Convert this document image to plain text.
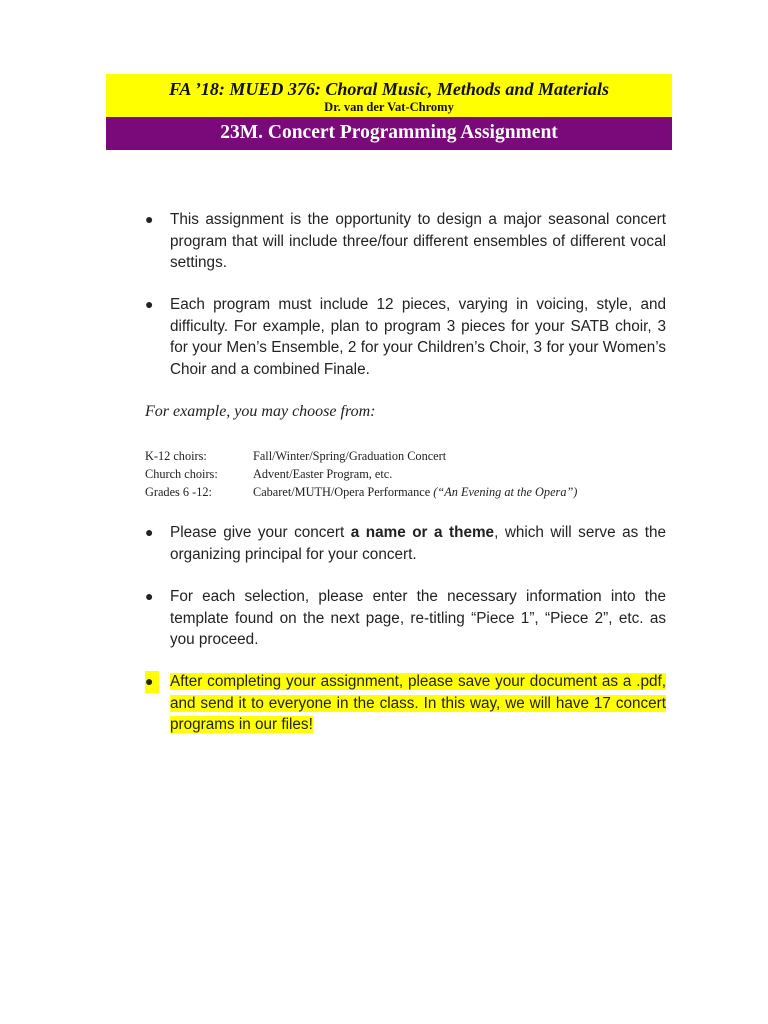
FA ’18: MUED 376: Choral Music, Methods and Materials
Dr. van der Vat-Chromy
23M. Concert Programming Assignment
●	This assignment is the opportunity to design a major seasonal concert program that will include three/four different ensembles of different vocal settings.
●	Each program must include 12 pieces, varying in voicing, style, and difficulty. For example, plan to program 3 pieces for your SATB choir, 3 for your Men’s Ensemble, 2 for your Children’s Choir, 3 for your Women’s Choir and a combined Finale.
For example, you may choose from:
K-12 choirs:	Fall/Winter/Spring/Graduation Concert
Church choirs:	Advent/Easter Program, etc.
Grades 6 -12:	Cabaret/MUTH/Opera Performance (“An Evening at the Opera”)
●	Please give your concert a name or a theme, which will serve as the organizing principal for your concert.
●	For each selection, please enter the necessary information into the template found on the next page, re-titling “Piece 1”, “Piece 2”, etc. as you proceed.
●	After completing your assignment, please save your document as a .pdf, and send it to everyone in the class. In this way, we will have 17 concert programs in our files!
